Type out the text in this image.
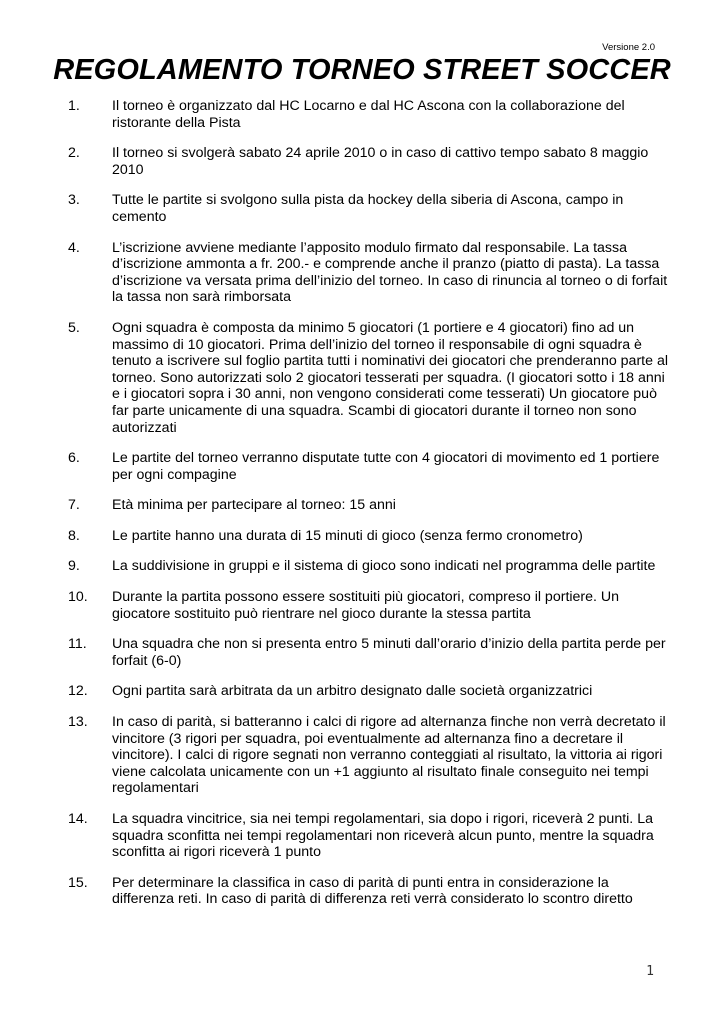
Versione 2.0
REGOLAMENTO TORNEO STREET SOCCER
1.	Il torneo è organizzato dal HC Locarno e dal HC Ascona con la collaborazione del ristorante della Pista
2.	Il torneo si svolgerà sabato 24 aprile 2010 o in caso di cattivo tempo sabato 8 maggio 2010
3.	Tutte le partite si svolgono sulla pista da hockey della siberia di Ascona, campo in cemento
4.	L’iscrizione avviene mediante l’apposito modulo firmato dal responsabile. La tassa d’iscrizione ammonta a fr. 200.- e comprende anche il pranzo (piatto di pasta). La tassa d’iscrizione va versata prima dell’inizio del torneo. In caso di rinuncia al torneo o di forfait la tassa non sarà rimborsata
5.	Ogni squadra è composta da minimo 5 giocatori (1 portiere e 4 giocatori) fino ad un massimo di 10 giocatori. Prima dell’inizio del torneo il responsabile di ogni squadra è tenuto a iscrivere sul foglio partita tutti i nominativi dei giocatori che prenderanno parte al torneo. Sono autorizzati solo 2 giocatori tesserati per squadra. (I giocatori sotto i 18 anni e i giocatori sopra i 30 anni, non vengono considerati come tesserati) Un giocatore può far parte unicamente di una squadra. Scambi di giocatori durante il torneo non sono autorizzati
6.	Le partite del torneo verranno disputate tutte con 4 giocatori di movimento ed 1 portiere per ogni compagine
7.	Età minima per partecipare al torneo: 15 anni
8.	Le partite hanno una durata di 15 minuti di gioco (senza fermo cronometro)
9.	La suddivisione in gruppi e il sistema di gioco sono indicati nel programma delle partite
10.	Durante la partita possono essere sostituiti più giocatori, compreso il portiere. Un giocatore sostituito può rientrare nel gioco durante la stessa partita
11.	Una squadra che non si presenta entro 5 minuti dall’orario d’inizio della partita perde per forfait (6-0)
12.	Ogni partita sarà arbitrata da un arbitro designato dalle società organizzatrici
13.	In caso di parità, si batteranno i calci di rigore ad alternanza finche non verrà decretato il vincitore (3 rigori per squadra, poi eventualmente ad alternanza fino a decretare il vincitore). I calci di rigore segnati non verranno conteggiati al risultato, la vittoria ai rigori viene calcolata unicamente con un +1 aggiunto al risultato finale conseguito nei tempi regolamentari
14.	La squadra vincitrice, sia nei tempi regolamentari, sia dopo i rigori, riceverà 2 punti. La squadra sconfitta nei tempi regolamentari non riceverà alcun punto, mentre la squadra sconfitta ai rigori riceverà 1 punto
15.	Per determinare la classifica in caso di parità di punti entra in considerazione la differenza reti. In caso di parità di differenza reti verrà considerato lo scontro diretto
1
